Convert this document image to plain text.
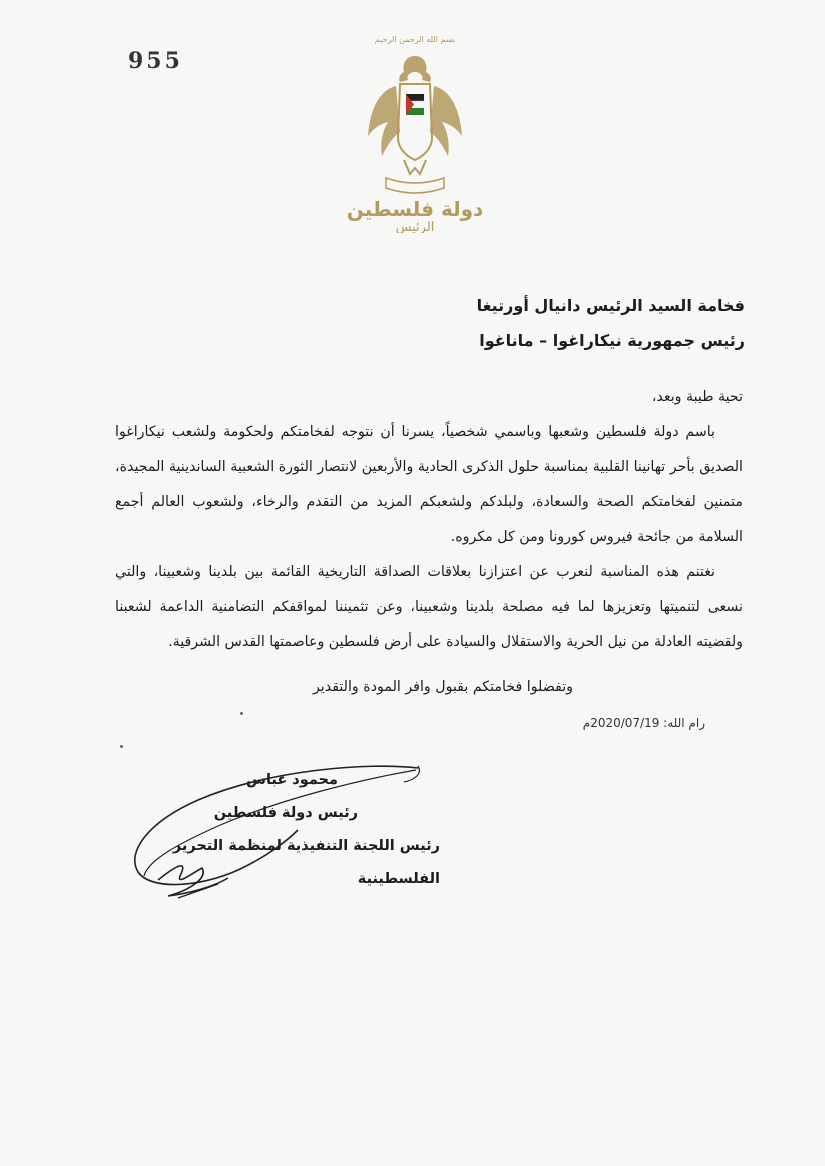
955
بسم الله الرحمن الرحيم
دولة فلسطين
الرئيس
فخامة السيد الرئيس دانيال أورتيغا
رئيس جمهورية نيكاراغوا – ماناغوا

تحية طيبة وبعد،

باسم دولة فلسطين وشعبها وباسمي شخصياً، يسرنا أن نتوجه لفخامتكم ولحكومة ولشعب نيكاراغوا الصديق بأحر تهانينا القلبية بمناسبة حلول الذكرى الحادية والأربعين لانتصار الثورة الشعبية الساندينية المجيدة، متمنين لفخامتكم الصحة والسعادة، ولبلدكم ولشعبكم المزيد من التقدم والرخاء، ولشعوب العالم أجمع السلامة من جائحة فيروس كورونا ومن كل مكروه.

نغتنم هذه المناسبة لنعرب عن اعتزازنا بعلاقات الصداقة التاريخية القائمة بين بلدينا وشعبينا، والتي نسعى لتنميتها وتعزيزها لما فيه مصلحة بلدينا وشعبينا، وعن تثميننا لمواقفكم التضامنية الداعمة لشعبنا ولقضيته العادلة من نيل الحرية والاستقلال والسيادة على أرض فلسطين وعاصمتها القدس الشرقية.

وتفضلوا فخامتكم بقبول وافر المودة والتقدير
رام الله: 2020/07/19م
محمود عباس
رئيس دولة فلسطين
رئيس اللجنة التنفيذية لمنظمة التحرير الفلسطينية
